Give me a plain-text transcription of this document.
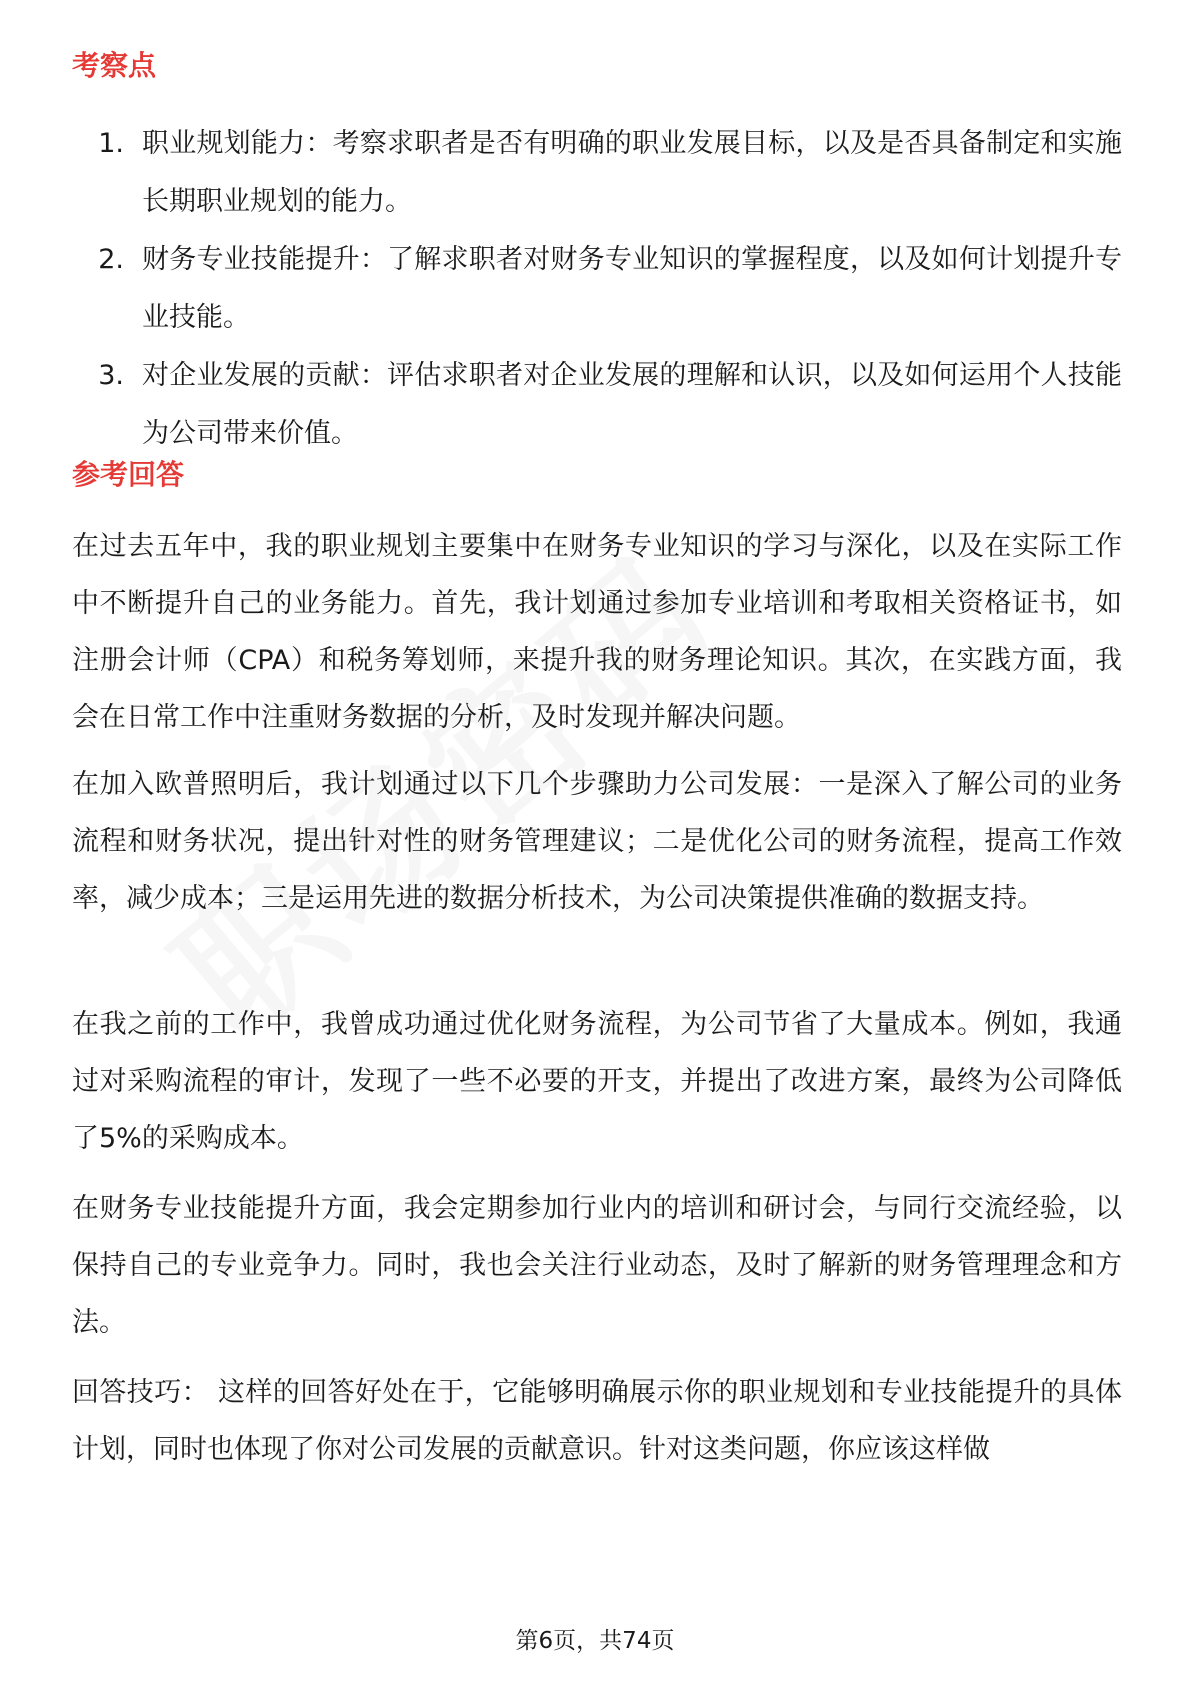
考察点
1. 职业规划能力：考察求职者是否有明确的职业发展目标，以及是否具备制定和实施长期职业规划的能力。
2. 财务专业技能提升：了解求职者对财务专业知识的掌握程度，以及如何计划提升专业技能。
3. 对企业发展的贡献：评估求职者对企业发展的理解和认识，以及如何运用个人技能为公司带来价值。
参考回答

在过去五年中，我的职业规划主要集中在财务专业知识的学习与深化，以及在实际工作中不断提升自己的业务能力。首先，我计划通过参加专业培训和考取相关资格证书，如注册会计师（CPA）和税务筹划师，来提升我的财务理论知识。其次，在实践方面，我会在日常工作中注重财务数据的分析，及时发现并解决问题。

在加入欧普照明后，我计划通过以下几个步骤助力公司发展：一是深入了解公司的业务流程和财务状况，提出针对性的财务管理建议；二是优化公司的财务流程，提高工作效率，减少成本；三是运用先进的数据分析技术，为公司决策提供准确的数据支持。

在我之前的工作中，我曾成功通过优化财务流程，为公司节省了大量成本。例如，我通过对采购流程的审计，发现了一些不必要的开支，并提出了改进方案，最终为公司降低了5%的采购成本。

在财务专业技能提升方面，我会定期参加行业内的培训和研讨会，与同行交流经验，以保持自己的专业竞争力。同时，我也会关注行业动态，及时了解新的财务管理理念和方法。

回答技巧： 这样的回答好处在于，它能够明确展示你的职业规划和专业技能提升的具体计划，同时也体现了你对公司发展的贡献意识。针对这类问题，你应该这样做

第6页，共74页
